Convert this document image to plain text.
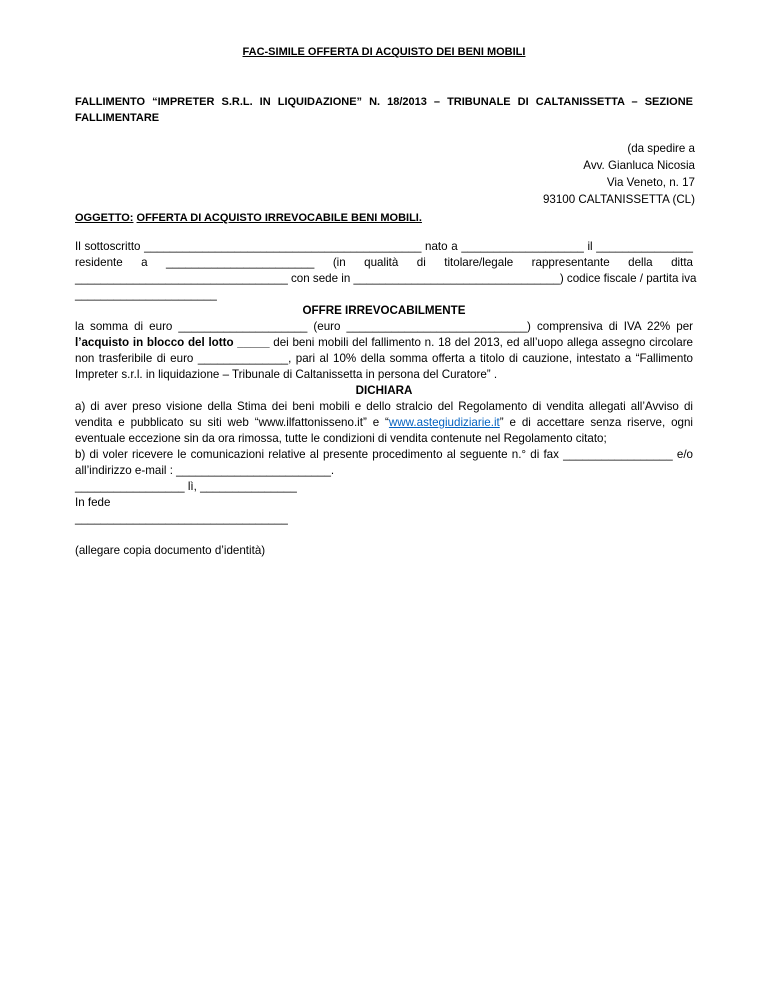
FAC-SIMILE OFFERTA DI ACQUISTO DEI BENI MOBILI
FALLIMENTO “IMPRETER S.R.L. IN LIQUIDAZIONE” N. 18/2013 – TRIBUNALE DI CALTANISSETTA – SEZIONE FALLIMENTARE
(da spedire a
Avv. Gianluca Nicosia
Via Veneto, n. 17
93100 CALTANISSETTA (CL)
OGGETTO: OFFERTA DI ACQUISTO IRREVOCABILE BENI MOBILI.
Il sottoscritto ___________________________________________ nato a ___________________ il _______________
residente a _______________________ (in qualità di titolare/legale rappresentante della ditta
_________________________________ con sede in ________________________________) codice fiscale / partita iva
______________________
OFFRE IRREVOCABILMENTE
la somma di euro ____________________ (euro ____________________________) comprensiva di IVA 22% per l’acquisto in blocco del lotto _____ dei beni mobili del fallimento n. 18 del 2013, ed all’uopo allega assegno circolare non trasferibile di euro ______________, pari al 10% della somma offerta a titolo di cauzione, intestato a “Fallimento Impreter s.r.l. in liquidazione – Tribunale di Caltanissetta in persona del Curatore” .
DICHIARA
a) di aver preso visione della Stima dei beni mobili e dello stralcio del Regolamento di vendita allegati all’Avviso di vendita e pubblicato su siti web “www.ilfattonisseno.it” e “www.astegiudiziarie.it” e di accettare senza riserve, ogni eventuale eccezione sin da ora rimossa, tutte le condizioni di vendita contenute nel Regolamento citato;
b) di voler ricevere le comunicazioni relative al presente procedimento al seguente n.° di fax _________________ e/o all’indirizzo e-mail : ________________________.
_________________ lì, _______________
In fede
_________________________________
(allegare copia documento d’identità)
